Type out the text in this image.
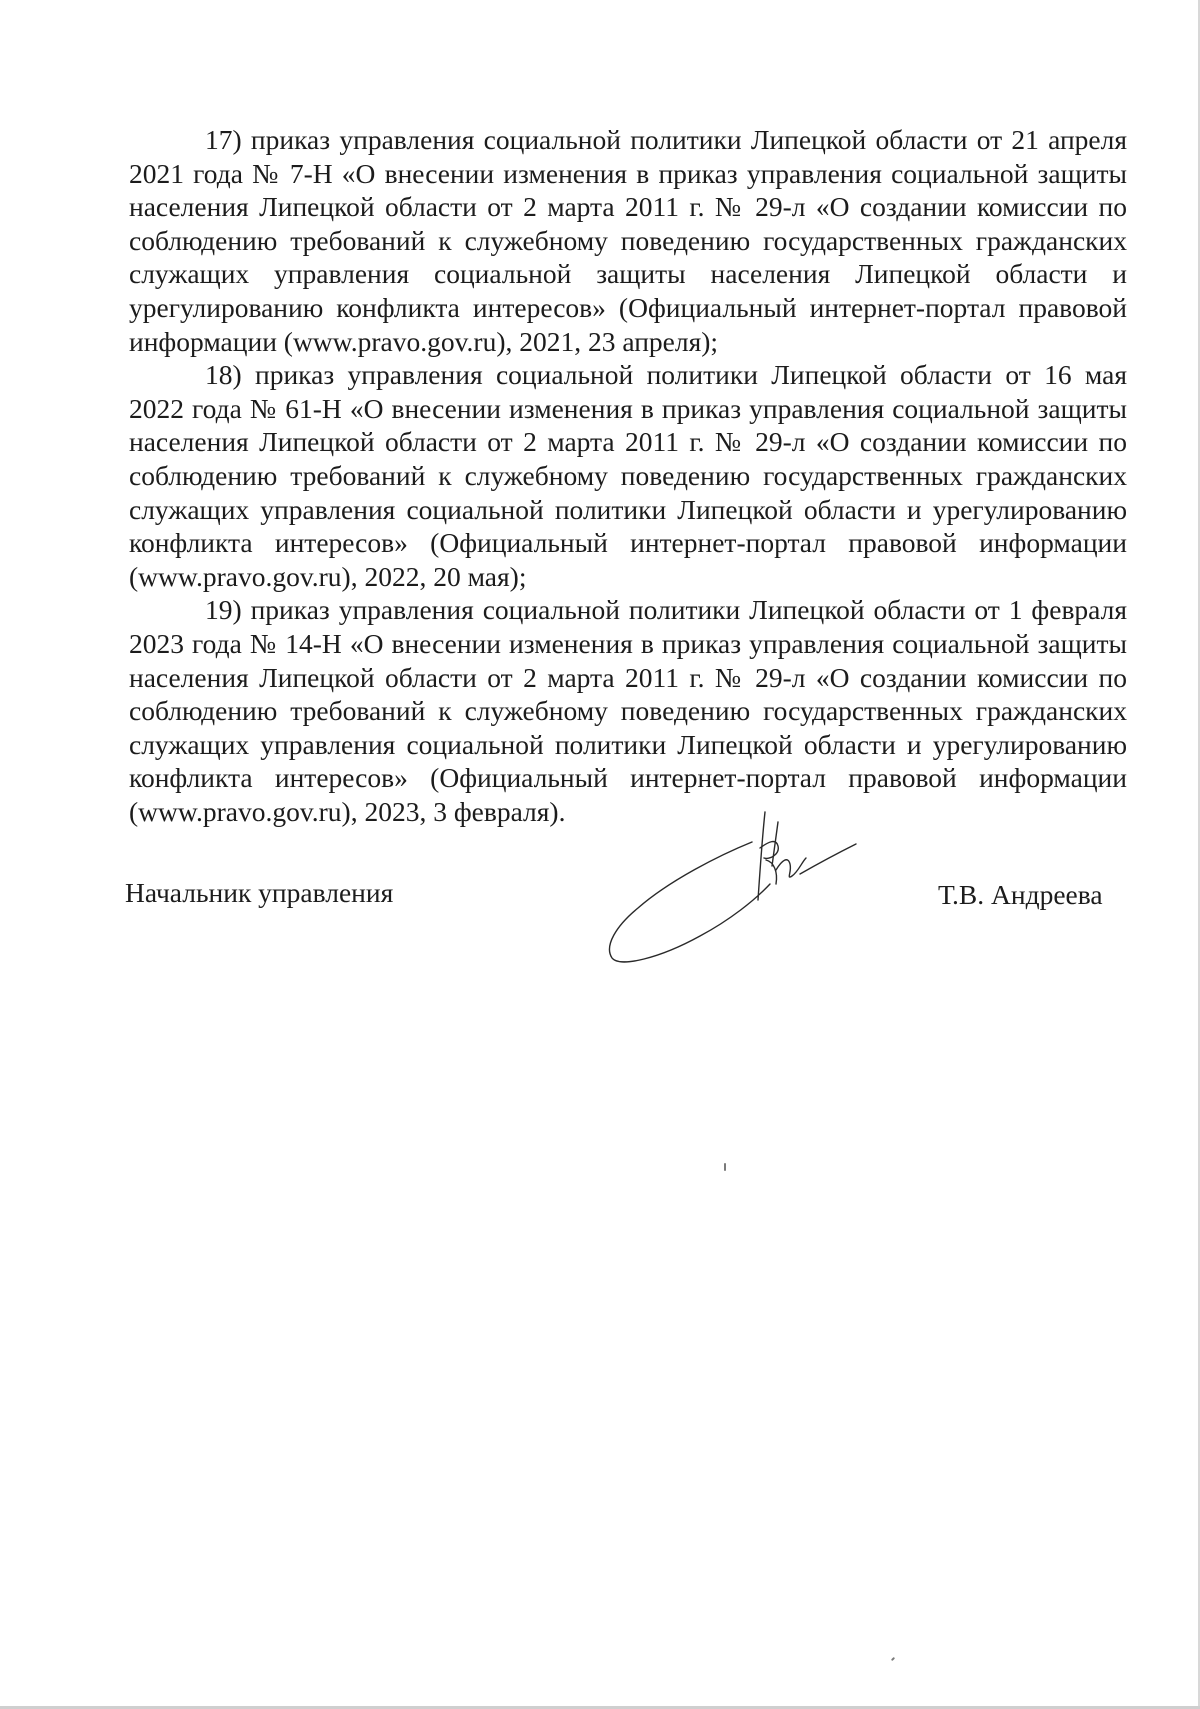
17) приказ управления социальной политики Липецкой области от 21 апреля 2021 года № 7-Н «О внесении изменения в приказ управления социальной защиты населения Липецкой области от 2 марта 2011 г. № 29-л «О создании комиссии по соблюдению требований к служебному поведению государственных гражданских служащих управления социальной защиты населения Липецкой области и урегулированию конфликта интересов» (Официальный интернет-портал правовой информации (www.pravo.gov.ru), 2021, 23 апреля);

18) приказ управления социальной политики Липецкой области от 16 мая 2022 года № 61-Н «О внесении изменения в приказ управления социальной защиты населения Липецкой области от 2 марта 2011 г. № 29-л «О создании комиссии по соблюдению требований к служебному поведению государственных гражданских служащих управления социальной политики Липецкой области и урегулированию конфликта интересов» (Официальный интернет-портал правовой информации (www.pravo.gov.ru), 2022, 20 мая);

19) приказ управления социальной политики Липецкой области от 1 февраля 2023 года № 14-Н «О внесении изменения в приказ управления социальной защиты населения Липецкой области от 2 марта 2011 г. № 29-л «О создании комиссии по соблюдению требований к служебному поведению государственных гражданских служащих управления социальной политики Липецкой области и урегулированию конфликта интересов» (Официальный интернет-портал правовой информации (www.pravo.gov.ru), 2023, 3 февраля).

Начальник управления	Т.В. Андреева
